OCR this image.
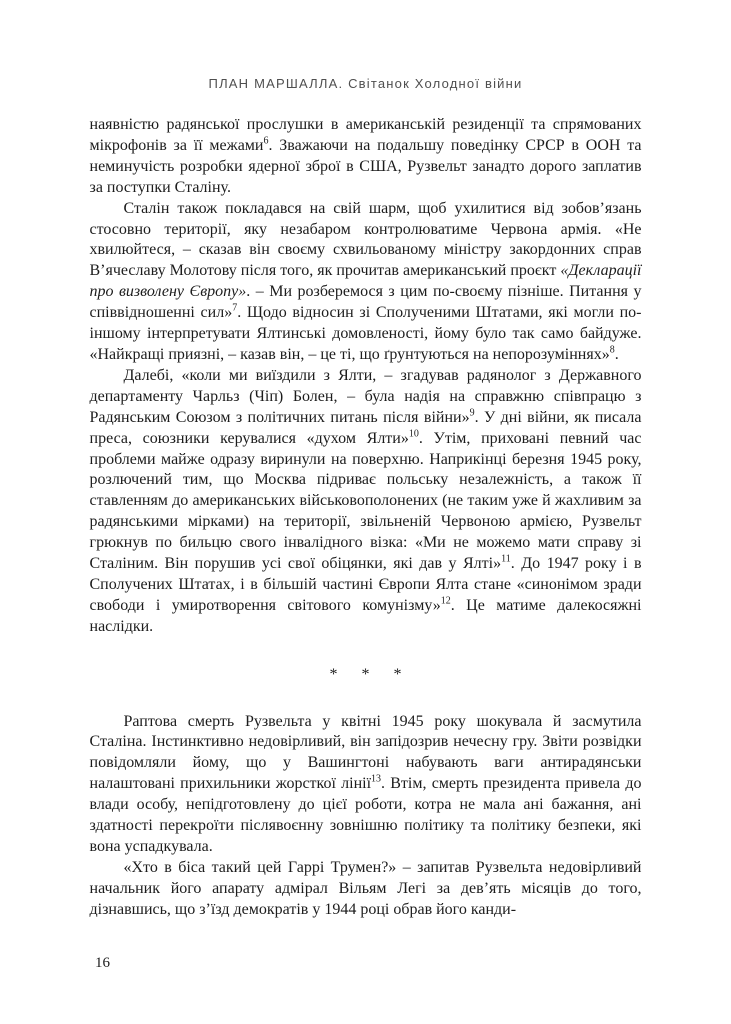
ПЛАН МАРШАЛЛА. Світанок Холодної війни

наявністю радянської прослушки в американській резиденції та спрямованих мікрофонів за її межами$^6$. Зважаючи на подальшу поведінку СРСР в ООН та неминучість розробки ядерної зброї в США, Рузвельт занадто дорого заплатив за поступки Сталіну.

Сталін також покладався на свій шарм, щоб ухилитися від зобов’язань стосовно території, яку незабаром контролюватиме Червона армія. «Не хвилюйтеся, – сказав він своєму схвильованому міністру закордонних справ В’ячеславу Молотову після того, як прочитав американський проєкт «Декларації про визволену Європу». – Ми розберемося з цим по-своєму пізніше. Питання у співвідношенні сил»$^7$. Щодо відносин зі Сполученими Штатами, які могли по-іншому інтерпретувати Ялтинські домовленості, йому було так само байдуже. «Найкращі приязні, – казав він, – це ті, що ґрунтуються на непорозуміннях»$^8$.

Далебі, «коли ми виїздили з Ялти, – згадував радянолог з Державного департаменту Чарльз (Чіп) Болен, – була надія на справжню співпрацю з Радянським Союзом з політичних питань після війни»$^9$. У дні війни, як писала преса, союзники керувалися «духом Ялти»$^{10}$. Утім, приховані певний час проблеми майже одразу виринули на поверхню. Наприкінці березня 1945 року, розлючений тим, що Москва підриває польську незалежність, а також її ставленням до американських військовополонених (не таким уже й жахливим за радянськими мірками) на території, звільненій Червоною армією, Рузвельт грюкнув по бильцю свого інвалідного візка: «Ми не можемо мати справу зі Сталіним. Він порушив усі свої обіцянки, які дав у Ялті»$^{11}$. До 1947 року і в Сполучених Штатах, і в більшій частині Європи Ялта стане «синонімом зради свободи і умиротворення світового комунізму»$^{12}$. Це матиме далекосяжні наслідки.

* * *

Раптова смерть Рузвельта у квітні 1945 року шокувала й засмутила Сталіна. Інстинктивно недовірливий, він запідозрив нечесну гру. Звіти розвідки повідомляли йому, що у Вашингтоні набувають ваги антирадянськи налаштовані прихильники жорсткої лінії$^{13}$. Втім, смерть президента привела до влади особу, непідготовлену до цієї роботи, котра не мала ані бажання, ані здатності перекроїти післявоєнну зовнішню політику та політику безпеки, які вона успадкувала.

«Хто в біса такий цей Гаррі Трумен?» – запитав Рузвельта недовірливий начальник його апарату адмірал Вільям Легі за дев’ять місяців до того, дізнавшись, що з’їзд демократів у 1944 році обрав його канди-

16
